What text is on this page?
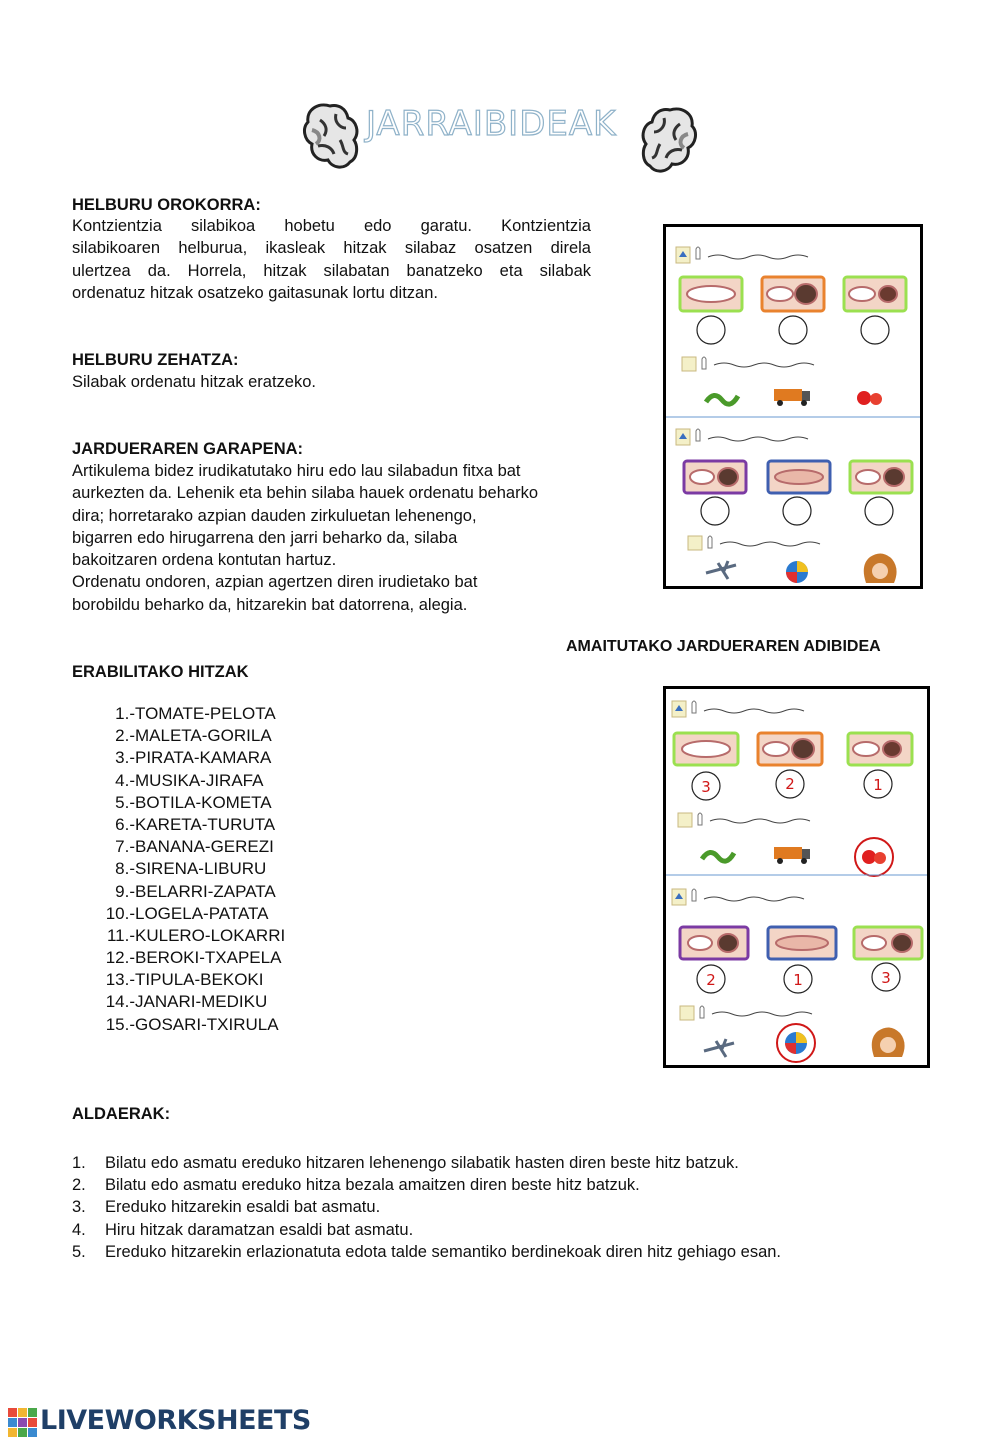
JARRAIBIDEAK
HELBURU OROKORRA:
Kontzientzia silabikoa hobetu edo garatu. Kontzientzia
silabikoaren helburua, ikasleak hitzak silabaz osatzen direla
ulertzea da. Horrela, hitzak silabatan banatzeko eta silabak
ordenatuz hitzak osatzeko gaitasunak lortu ditzan.
HELBURU ZEHATZA:
Silabak ordenatu hitzak eratzeko.
JARDUERAREN GARAPENA:
Artikulema bidez irudikatutako hiru edo lau silabadun fitxa bat
aurkezten da. Lehenik eta behin silaba hauek ordenatu beharko
dira; horretarako azpian dauden zirkuluetan lehenengo,
bigarren edo hirugarrena den jarri beharko da, silaba
bakoitzaren ordena kontutan hartuz.
Ordenatu ondoren, azpian agertzen diren irudietako bat
borobildu beharko da, hitzarekin bat datorrena, alegia.
AMAITUTAKO JARDUERAREN ADIBIDEA
ERABILITAKO HITZAK
1.- TOMATE-PELOTA
2.- MALETA-GORILA
3.- PIRATA-KAMARA
4.- MUSIKA-JIRAFA
5.- BOTILA-KOMETA
6.- KARETA-TURUTA
7.- BANANA-GEREZI
8.- SIRENA-LIBURU
9.- BELARRI-ZAPATA
10.- LOGELA-PATATA
11.- KULERO-LOKARRI
12.- BEROKI-TXAPELA
13.- TIPULA-BEKOKI
14.- JANARI-MEDIKU
15.- GOSARI-TXIRULA
3	2	1
2	1	3
ALDAERAK:
1. Bilatu edo asmatu ereduko hitzaren lehenengo silabatik hasten diren beste hitz batzuk.
2. Bilatu edo asmatu ereduko hitza bezala amaitzen diren beste hitz batzuk.
3. Ereduko hitzarekin esaldi bat asmatu.
4. Hiru hitzak daramatzan esaldi bat asmatu.
5. Ereduko hitzarekin erlazionatuta edota talde semantiko berdinekoak diren hitz gehiago esan.
LIVEWORKSHEETS
